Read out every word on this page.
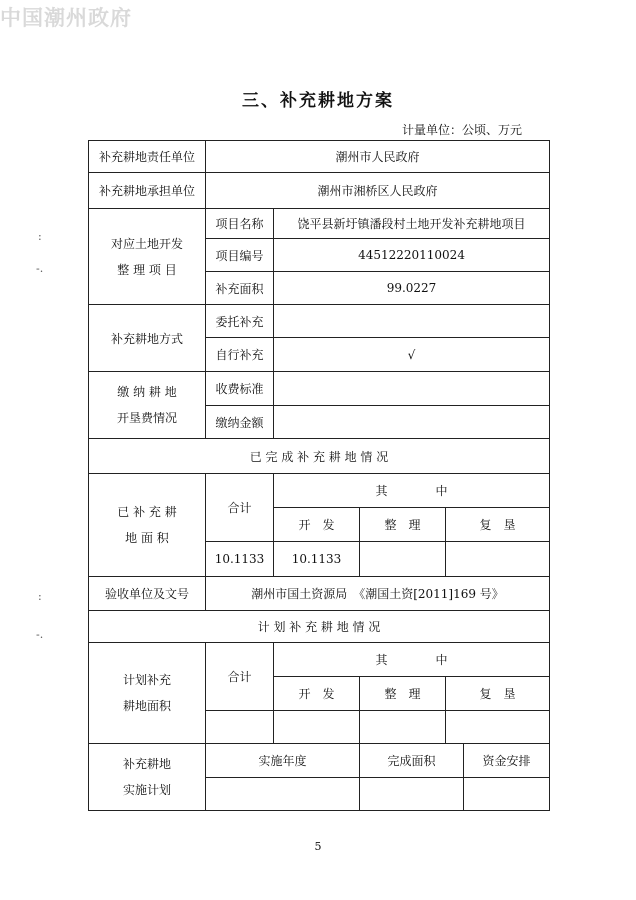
中国潮州政府
三、补充耕地方案
计量单位：公顷、万元
:
-.
:
-.
补充耕地责任单位	潮州市人民政府				
补充耕地承担单位	潮州市湘桥区人民政府				

对应土地开发
整 理 项 目	项目名称	饶平县新圩镇潘段村土地开发补充耕地项目			
	项目编号	44512220110024			
	补充面积	99.0227			
补充耕地方式	委托补充				
	自行补充	√			

缴 纳 耕 地
开垦费情况	收费标准				
	缴纳金额				
已 完 成 补 充 耕 地 情 况					

已 补 充 耕
地 面 积	合计	其　　　　中			
		开　发	整　理	复　垦	
	10.1133	10.1133			
验收单位及文号	潮州市国土资源局　《潮国土资[2011]169 号》				
计 划 补 充 耕 地 情 况					

计划补充
耕地面积	合计	其　　　　中			
		开　发	整　理	复　垦	

补充耕地
实施计划	实施年度		完成面积		资金安排

5
